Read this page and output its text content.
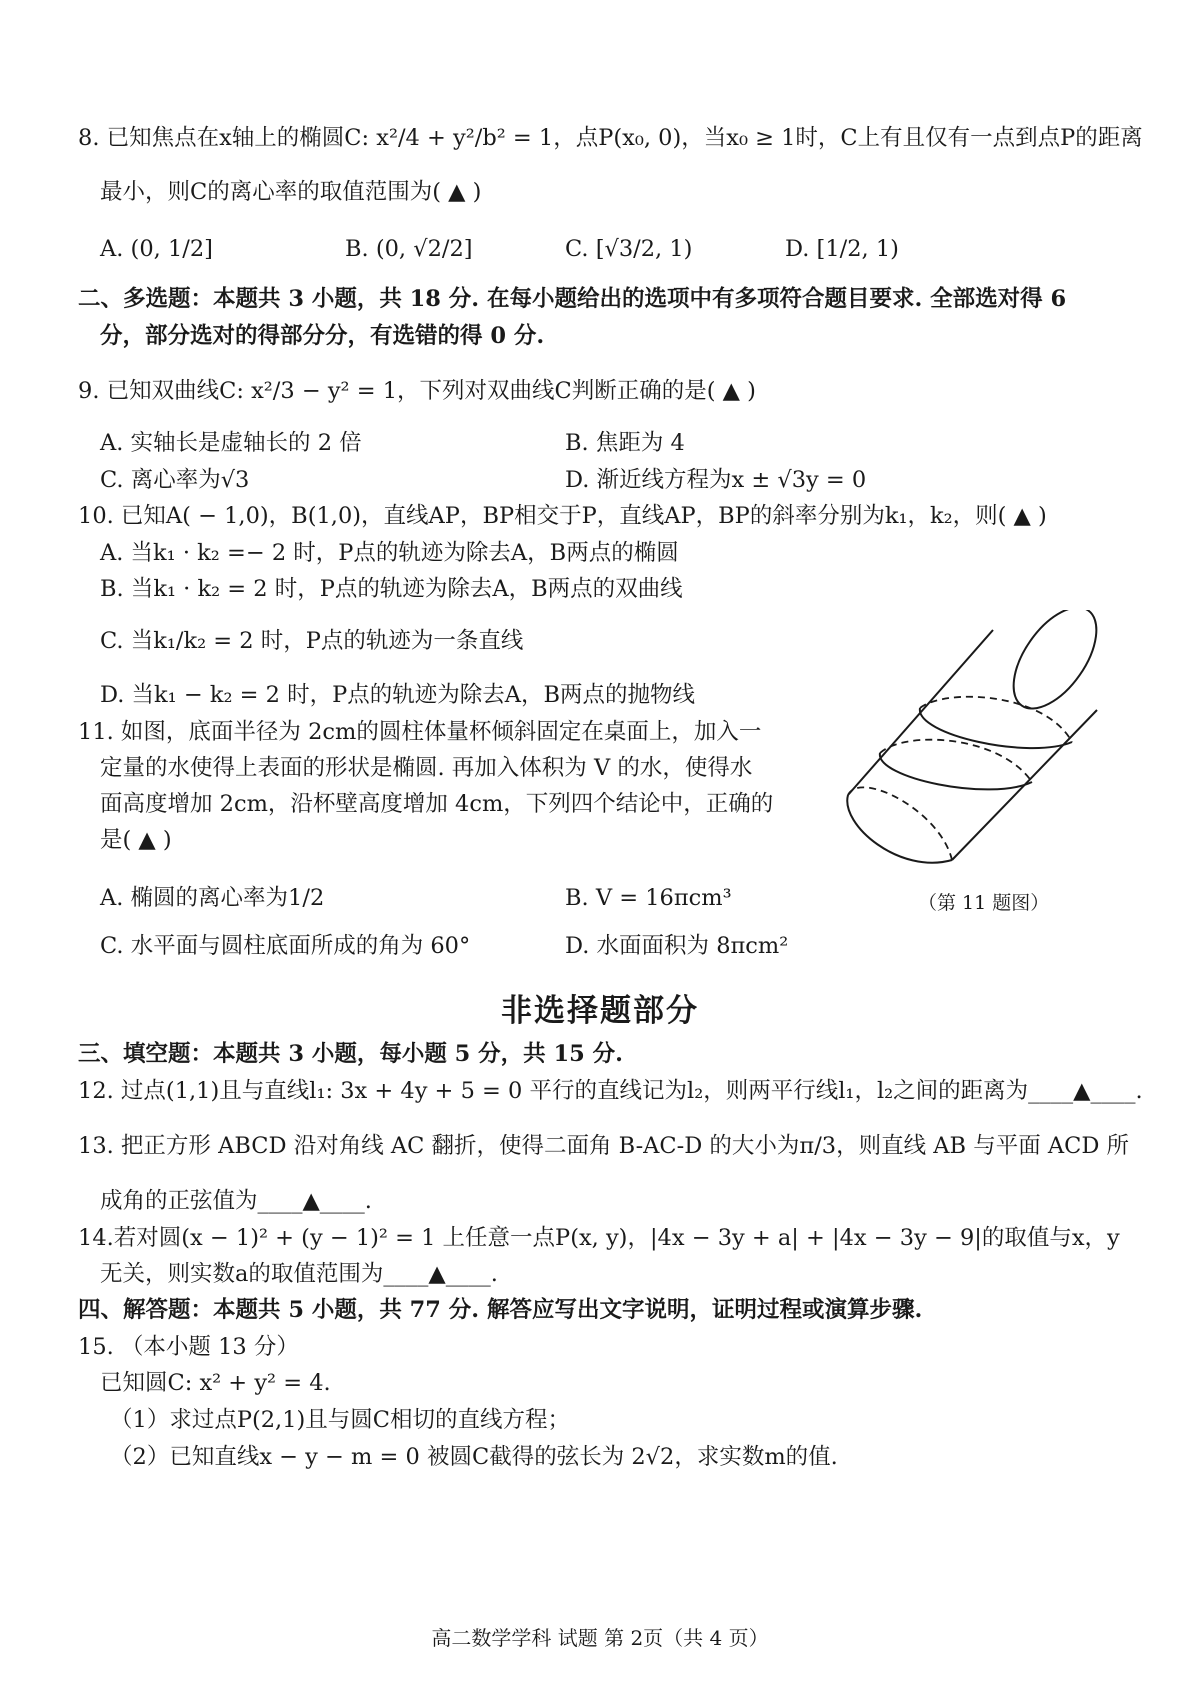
8. 已知焦点在x轴上的椭圆C: x²/4 + y²/b² = 1，点P(x₀, 0)，当x₀ ≥ 1时，C上有且仅有一点到点P的距离
最小，则C的离心率的取值范围为( ▲ )
A. (0, 1/2]	B. (0, √2/2]	C. [√3/2, 1)	D. [1/2, 1)
二、多选题：本题共 3 小题，共 18 分. 在每小题给出的选项中有多项符合题目要求. 全部选对得 6
分，部分选对的得部分分，有选错的得 0 分.
9. 已知双曲线C: x²/3 − y² = 1，下列对双曲线C判断正确的是( ▲ )
A. 实轴长是虚轴长的 2 倍	B. 焦距为 4
C. 离心率为√3	D. 渐近线方程为x ± √3y = 0
10. 已知A( − 1,0)，B(1,0)，直线AP，BP相交于P，直线AP，BP的斜率分别为k₁，k₂，则( ▲ )
A. 当k₁ · k₂ =− 2 时，P点的轨迹为除去A，B两点的椭圆
B. 当k₁ · k₂ = 2 时，P点的轨迹为除去A，B两点的双曲线
C. 当k₁/k₂ = 2 时，P点的轨迹为一条直线
D. 当k₁ − k₂ = 2 时，P点的轨迹为除去A，B两点的抛物线
11. 如图，底面半径为 2cm的圆柱体量杯倾斜固定在桌面上，加入一
定量的水使得上表面的形状是椭圆. 再加入体积为 V 的水，使得水
面高度增加 2cm，沿杯壁高度增加 4cm，下列四个结论中，正确的
是( ▲ )
A. 椭圆的离心率为1/2	B. V = 16πcm³
C. 水平面与圆柱底面所成的角为 60°	D. 水面面积为 8πcm²
（第 11 题图）
非选择题部分
三、填空题：本题共 3 小题，每小题 5 分，共 15 分.
12. 过点(1,1)且与直线l₁: 3x + 4y + 5 = 0 平行的直线记为l₂，则两平行线l₁，l₂之间的距离为____▲____.
13. 把正方形 ABCD 沿对角线 AC 翻折，使得二面角 B-AC-D 的大小为π/3，则直线 AB 与平面 ACD 所
成角的正弦值为____▲____.
14.若对圆(x − 1)² + (y − 1)² = 1 上任意一点P(x, y)，|4x − 3y + a| + |4x − 3y − 9|的取值与x，y
无关，则实数a的取值范围为____▲____.
四、解答题：本题共 5 小题，共 77 分. 解答应写出文字说明，证明过程或演算步骤.
15. （本小题 13 分）
已知圆C: x² + y² = 4.
（1）求过点P(2,1)且与圆C相切的直线方程；
（2）已知直线x − y − m = 0 被圆C截得的弦长为 2√2，求实数m的值.
高二数学学科 试题 第 2页（共 4 页）
